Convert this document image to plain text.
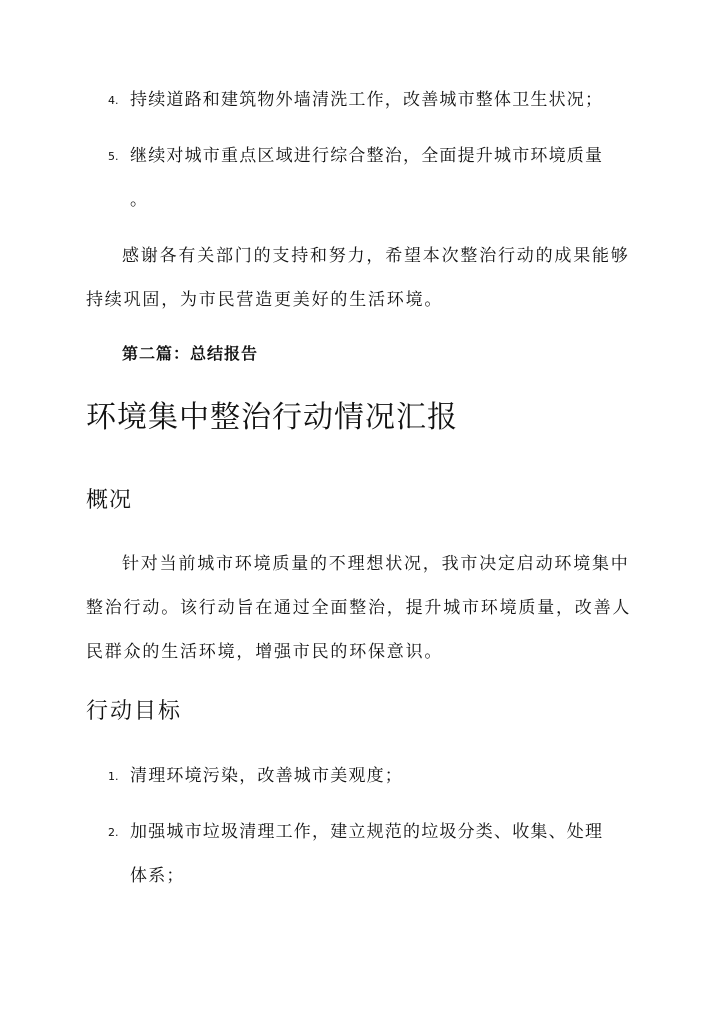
4. 持续道路和建筑物外墙清洗工作，改善城市整体卫生状况；
5. 继续对城市重点区域进行综合整治，全面提升城市环境质量
。
感谢各有关部门的支持和努力，希望本次整治行动的成果能够
持续巩固，为市民营造更美好的生活环境。
第二篇：总结报告
环境集中整治行动情况汇报
概况
针对当前城市环境质量的不理想状况，我市决定启动环境集中
整治行动。该行动旨在通过全面整治，提升城市环境质量，改善人
民群众的生活环境，增强市民的环保意识。
行动目标
1. 清理环境污染，改善城市美观度；
2. 加强城市垃圾清理工作，建立规范的垃圾分类、收集、处理
体系；
